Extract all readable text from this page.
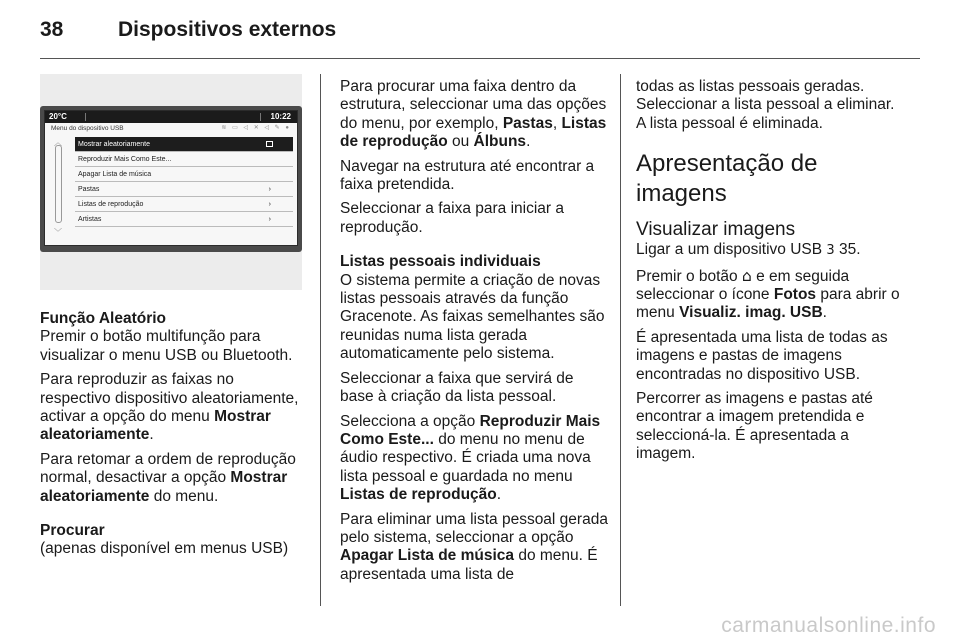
38	Dispositivos externos
20°C	10:22
Menu do dispositivo USB	≋ ▭ ◁ ✕ ◁ ✎ ●
︿
﹀
Mostrar aleatoriamente
Reproduzir Mais Como Este...
Apagar Lista de música
Pastas	›
Listas de reprodução	›
Artistas	›

Função Aleatório

Premir o botão multifunção para visualizar o menu USB ou Bluetooth.

Para reproduzir as faixas no respectivo dispositivo aleatoriamente, activar a opção do menu Mostrar aleatoriamente.

Para retomar a ordem de reprodução normal, desactivar a opção Mostrar aleatoriamente do menu.

Procurar

(apenas disponível em menus USB)

Para procurar uma faixa dentro da estrutura, seleccionar uma das opções do menu, por exemplo, Pastas, Listas de reprodução ou Álbuns.

Navegar na estrutura até encontrar a faixa pretendida.

Seleccionar a faixa para iniciar a reprodução.

Listas pessoais individuais

O sistema permite a criação de novas listas pessoais através da função Gracenote. As faixas semelhantes são reunidas numa lista gerada automaticamente pelo sistema.

Seleccionar a faixa que servirá de base à criação da lista pessoal.

Selecciona a opção Reproduzir Mais Como Este... do menu no menu de áudio respectivo. É criada uma nova lista pessoal e guardada no menu Listas de reprodução.

Para eliminar uma lista pessoal gerada pelo sistema, seleccionar a opção Apagar Lista de música do menu. É apresentada uma lista de

todas as listas pessoais geradas. Seleccionar a lista pessoal a eliminar. A lista pessoal é eliminada.

Apresentação de imagens
Visualizar imagens

Ligar a um dispositivo USB 3 35.

Premir o botão ⌂ e em seguida seleccionar o ícone Fotos para abrir o menu Visualiz. imag. USB.

É apresentada uma lista de todas as imagens e pastas de imagens encontradas no dispositivo USB.

Percorrer as imagens e pastas até encontrar a imagem pretendida e seleccioná-la. É apresentada a imagem.

carmanualsonline.info
